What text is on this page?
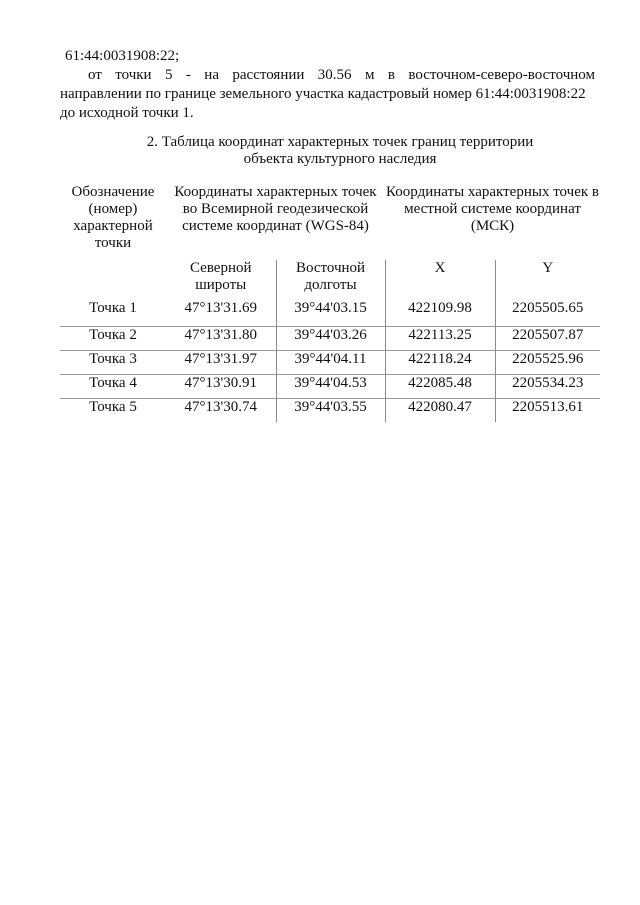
61:44:0031908:22;
от точки 5 - на расстоянии 30.56 м в восточном-северо-восточном
направлении по границе земельного участка кадастровый номер 61:44:0031908:22
до исходной точки 1.
2. Таблица координат характерных точек границ территории
объекта культурного наследия
Обозначение (номер) характерной точки	Координаты характерных точек во Всемирной геодезической системе координат (WGS-84)		Координаты характерных точек в местной системе координат (МСК)	
	Северной широты	Восточной долготы	X	Y
Точка 1	47°13'31.69	39°44'03.15	422109.98	2205505.65
Точка 2	47°13'31.80	39°44'03.26	422113.25	2205507.87
Точка 3	47°13'31.97	39°44'04.11	422118.24	2205525.96
Точка 4	47°13'30.91	39°44'04.53	422085.48	2205534.23
Точка 5	47°13'30.74	39°44'03.55	422080.47	2205513.61
